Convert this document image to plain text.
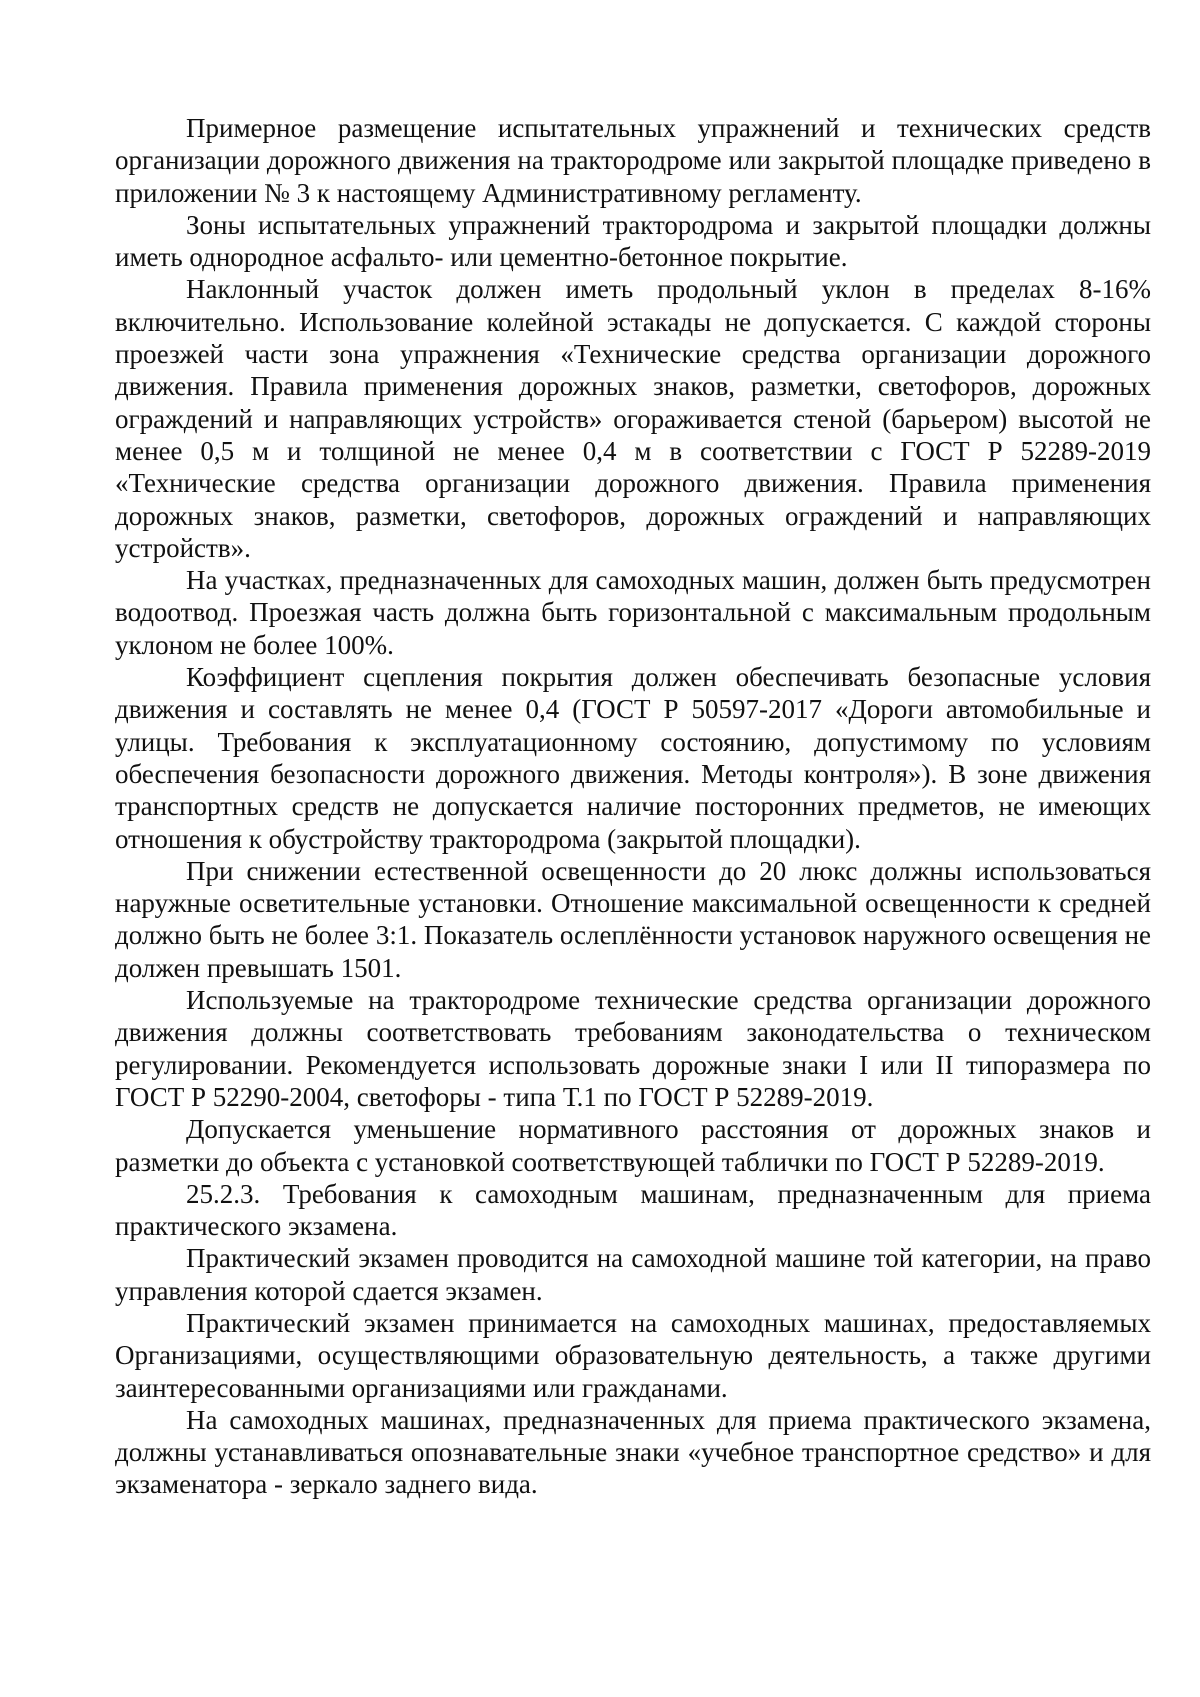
Примерное размещение испытательных упражнений и технических средств организации дорожного движения на трактородроме или закрытой площадке приведено в приложении № 3 к настоящему Административному регламенту.

Зоны испытательных упражнений трактородрома и закрытой площадки должны иметь однородное асфальто- или цементно-бетонное покрытие.

Наклонный участок должен иметь продольный уклон в пределах 8-16% включительно. Использование колейной эстакады не допускается. С каждой стороны проезжей части зона упражнения «Технические средства организации дорожного движения. Правила применения дорожных знаков, разметки, светофоров, дорожных ограждений и направляющих устройств» огораживается стеной (барьером) высотой не менее 0,5 м и толщиной не менее 0,4 м в соответствии с ГОСТ Р 52289-2019 «Технические средства организации дорожного движения. Правила применения дорожных знаков, разметки, светофоров, дорожных ограждений и направляющих устройств».

На участках, предназначенных для самоходных машин, должен быть предусмотрен водоотвод. Проезжая часть должна быть горизонтальной с максимальным продольным уклоном не более 100%.

Коэффициент сцепления покрытия должен обеспечивать безопасные условия движения и составлять не менее 0,4 (ГОСТ Р 50597-2017 «Дороги автомобильные и улицы. Требования к эксплуатационному состоянию, допустимому по условиям обеспечения безопасности дорожного движения. Методы контроля»). В зоне движения транспортных средств не допускается наличие посторонних предметов, не имеющих отношения к обустройству трактородрома (закрытой площадки).

При снижении естественной освещенности до 20 люкс должны использоваться наружные осветительные установки. Отношение максимальной освещенности к средней должно быть не более 3:1. Показатель ослеплённости установок наружного освещения не должен превышать 1501.

Используемые на трактородроме технические средства организации дорожного движения должны соответствовать требованиям законодательства о техническом регулировании. Рекомендуется использовать дорожные знаки I или II типоразмера по ГОСТ Р 52290-2004, светофоры - типа Т.1 по ГОСТ Р 52289-2019.

Допускается уменьшение нормативного расстояния от дорожных знаков и разметки до объекта с установкой соответствующей таблички по ГОСТ Р 52289-2019.

25.2.3. Требования к самоходным машинам, предназначенным для приема практического экзамена.

Практический экзамен проводится на самоходной машине той категории, на право управления которой сдается экзамен.

Практический экзамен принимается на самоходных машинах, предоставляемых Организациями, осуществляющими образовательную деятельность, а также другими заинтересованными организациями или гражданами.

На самоходных машинах, предназначенных для приема практического экзамена, должны устанавливаться опознавательные знаки «учебное транспортное средство» и для экзаменатора - зеркало заднего вида.
